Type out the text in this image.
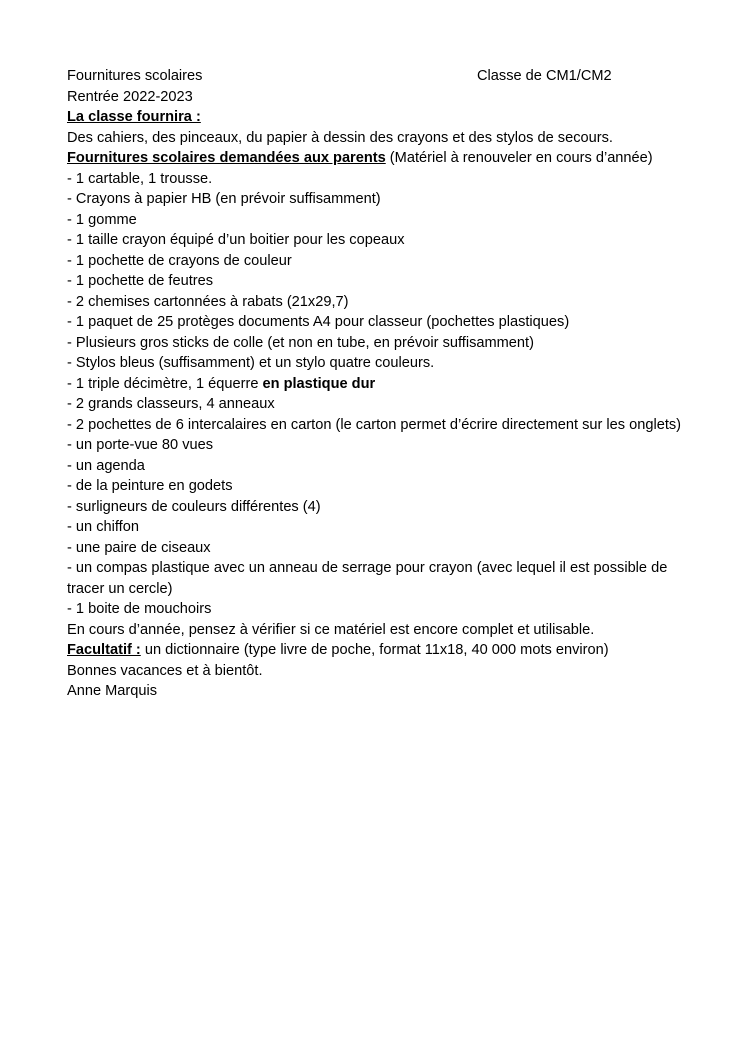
Fournitures scolaires
Rentrée 2022-2023
Classe de CM1/CM2
La classe fournira :
Des cahiers, des pinceaux, du papier à dessin des crayons et des stylos de secours.
Fournitures scolaires demandées aux parents (Matériel à renouveler en cours d’année)
- 1 cartable, 1 trousse.
- Crayons à papier HB (en prévoir suffisamment)
- 1 gomme
- 1 taille crayon équipé d’un boitier pour les copeaux
- 1 pochette de crayons de couleur
- 1 pochette de feutres
- 2 chemises cartonnées à rabats (21x29,7)
- 1 paquet de 25 protèges documents A4 pour classeur (pochettes plastiques)
- Plusieurs gros sticks de colle (et non en tube, en prévoir suffisamment)
- Stylos bleus (suffisamment) et un stylo quatre couleurs.
- 1 triple décimètre, 1 équerre en plastique dur
- 2 grands classeurs, 4 anneaux
- 2 pochettes de 6 intercalaires en carton (le carton permet d’écrire directement sur les onglets)
- un porte-vue 80 vues
- un agenda
- de la peinture en godets
- surligneurs de couleurs différentes (4)
- un chiffon
- une paire de ciseaux
- un compas plastique avec un anneau de serrage pour crayon (avec lequel il est possible de tracer un cercle)
- 1 boite de mouchoirs
En cours d’année, pensez à vérifier si ce matériel est encore complet et utilisable.
Facultatif : un dictionnaire (type livre de poche, format 11x18, 40 000 mots environ)
Bonnes vacances et à bientôt.
Anne Marquis
